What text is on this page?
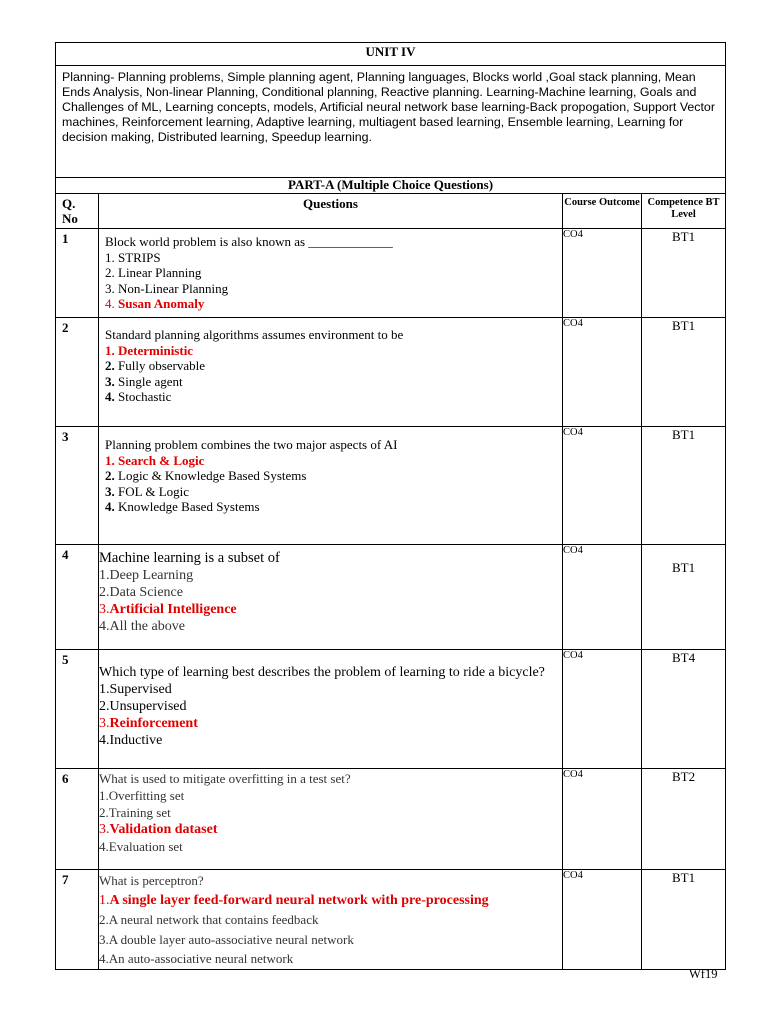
UNIT IV			
Planning- Planning problems, Simple planning agent, Planning languages, Blocks world ,Goal stack planning, Mean Ends Analysis, Non-linear Planning, Conditional planning, Reactive planning. Learning-Machine learning, Goals and Challenges of ML, Learning concepts, models, Artificial neural network base learning-Back propogation, Support Vector machines, Reinforcement learning, Adaptive learning, multiagent based learning, Ensemble learning, Learning for decision making, Distributed learning, Speedup learning.			
PART-A (Multiple Choice Questions)			
Q. No	Questions	Course Outcome	Competence BT Level
1	Block world problem is also known as _____________
1. STRIPS
2. Linear Planning
3. Non-Linear Planning
4. Susan Anomaly	CO4	BT1
2	Standard planning algorithms assumes environment to be
1. Deterministic
2. Fully observable
3. Single agent
4. Stochastic	CO4	BT1
3	Planning problem combines the two major aspects of AI
1. Search & Logic
2. Logic & Knowledge Based Systems
3. FOL & Logic
4. Knowledge Based Systems	CO4	BT1
4	Machine learning is a subset of
1.Deep Learning
2.Data Science
3.Artificial Intelligence
4.All the above	CO4	BT1
5	Which type of learning best describes the problem of learning to ride a bicycle?
1.Supervised
2.Unsupervised
3.Reinforcement
4.Inductive	CO4	BT4
6	What is used to mitigate overfitting in a test set?
1.Overfitting set
2.Training set
3.Validation dataset
4.Evaluation set	CO4	BT2
7	What is perceptron?
1.A single layer feed-forward neural network with pre-processing
2.A neural network that contains feedback
3.A double layer auto-associative neural network
4.An auto-associative neural network	CO4	BT1
Wf19
